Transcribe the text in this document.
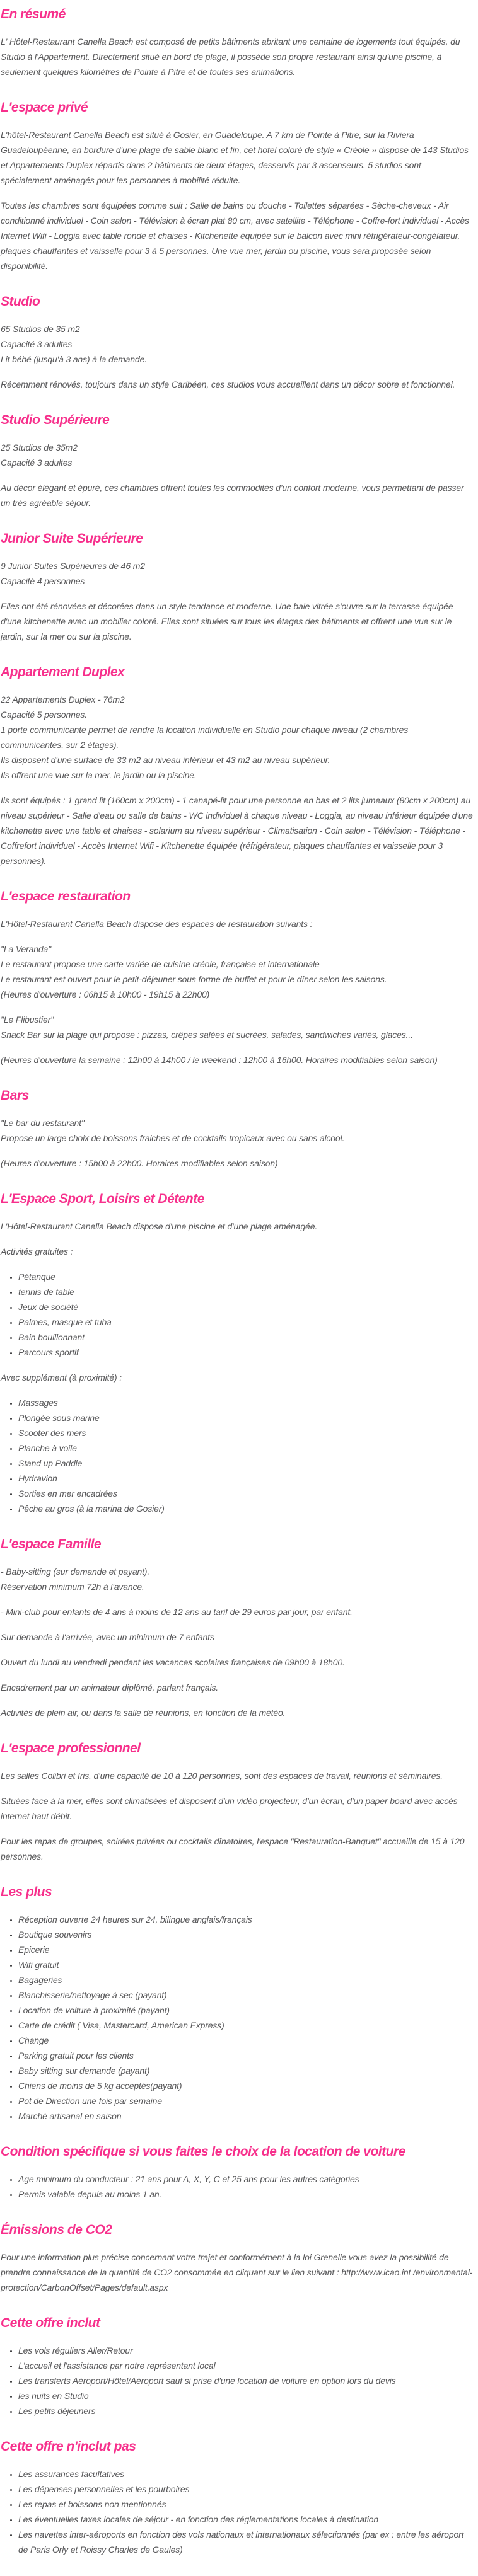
En résumé

L' Hôtel-Restaurant Canella Beach est composé de petits bâtiments abritant une centaine de logements tout équipés, du Studio à l'Appartement. Directement situé en bord de plage, il possède son propre restaurant ainsi qu'une piscine, à seulement quelques kilomètres de Pointe à Pitre et de toutes ses animations.

L'espace privé

L'hôtel-Restaurant Canella Beach est situé à Gosier, en Guadeloupe. A 7 km de Pointe à Pitre, sur la Riviera Guadeloupéenne, en bordure d'une plage de sable blanc et fin, cet hotel coloré de style « Créole » dispose de 143 Studios et Appartements Duplex répartis dans 2 bâtiments de deux étages, desservis par 3 ascenseurs. 5 studios sont spécialement aménagés pour les personnes à mobilité réduite.

Toutes les chambres sont équipées comme suit : Salle de bains ou douche - Toilettes séparées - Sèche-cheveux - Air conditionné individuel - Coin salon - Télévision à écran plat 80 cm, avec satellite - Téléphone - Coffre-fort individuel - Accès Internet Wifi - Loggia avec table ronde et chaises - Kitchenette équipée sur le balcon avec mini réfrigérateur-congélateur, plaques chauffantes et vaisselle pour 3 à 5 personnes. Une vue mer, jardin ou piscine, vous sera proposée selon disponibilité.

Studio

65 Studios de 35 m2
Capacité 3 adultes
Lit bébé (jusqu'à 3 ans) à la demande.

Récemment rénovés, toujours dans un style Caribéen, ces studios vous accueillent dans un décor sobre et fonctionnel.

Studio Supérieure

25 Studios de 35m2
Capacité 3 adultes

Au décor élégant et épuré, ces chambres offrent toutes les commodités d'un confort moderne, vous permettant de passer un très agréable séjour.

Junior Suite Supérieure

9 Junior Suites Supérieures de 46 m2
Capacité 4 personnes

Elles ont été rénovées et décorées dans un style tendance et moderne. Une baie vitrée s'ouvre sur la terrasse équipée d'une kitchenette avec un mobilier coloré. Elles sont situées sur tous les étages des bâtiments et offrent une vue sur le jardin, sur la mer ou sur la piscine.

Appartement Duplex

22 Appartements Duplex - 76m2
Capacité 5 personnes.
1 porte communicante permet de rendre la location individuelle en Studio pour chaque niveau (2 chambres communicantes, sur 2 étages).
Ils disposent d'une surface de 33 m2 au niveau inférieur et 43 m2 au niveau supérieur.
Ils offrent une vue sur la mer, le jardin ou la piscine.

Ils sont équipés : 1 grand lit (160cm x 200cm) - 1 canapé-lit pour une personne en bas et 2 lits jumeaux (80cm x 200cm) au niveau supérieur - Salle d'eau ou salle de bains - WC individuel à chaque niveau - Loggia, au niveau inférieur équipée d'une kitchenette avec une table et chaises - solarium au niveau supérieur - Climatisation - Coin salon - Télévision - Téléphone - Coffrefort individuel - Accès Internet Wifi - Kitchenette équipée (réfrigérateur, plaques chauffantes et vaisselle pour 3 personnes).

L'espace restauration

L'Hôtel-Restaurant Canella Beach dispose des espaces de restauration suivants :

"La Veranda"
Le restaurant propose une carte variée de cuisine créole, française et internationale
Le restaurant est ouvert pour le petit-déjeuner sous forme de buffet et pour le dîner selon les saisons.
(Heures d'ouverture : 06h15 à 10h00 - 19h15 à 22h00)

"Le Flibustier"
Snack Bar sur la plage qui propose : pizzas, crêpes salées et sucrées, salades, sandwiches variés, glaces...

(Heures d'ouverture la semaine : 12h00 à 14h00 / le weekend : 12h00 à 16h00. Horaires modifiables selon saison)

Bars

"Le bar du restaurant"
Propose un large choix de boissons fraiches et de cocktails tropicaux avec ou sans alcool.

(Heures d'ouverture : 15h00 à 22h00. Horaires modifiables selon saison)

L'Espace Sport, Loisirs et Détente

L'Hôtel-Restaurant Canella Beach dispose d'une piscine et d'une plage aménagée.

Activités gratuites :

• Pétanque
• tennis de table
• Jeux de société
• Palmes, masque et tuba
• Bain bouillonnant
• Parcours sportif

Avec supplément (à proximité) :

• Massages
• Plongée sous marine
• Scooter des mers
• Planche à voile
• Stand up Paddle
• Hydravion
• Sorties en mer encadrées
• Pêche au gros (à la marina de Gosier)
L'espace Famille

- Baby-sitting (sur demande et payant).
Réservation minimum 72h à l'avance.

- Mini-club pour enfants de 4 ans à moins de 12 ans au tarif de 29 euros par jour, par enfant.

Sur demande à l'arrivée, avec un minimum de 7 enfants

Ouvert du lundi au vendredi pendant les vacances scolaires françaises de 09h00 à 18h00.

Encadrement par un animateur diplômé, parlant français.

Activités de plein air, ou dans la salle de réunions, en fonction de la météo.

L'espace professionnel

Les salles Colibri et Iris, d'une capacité de 10 à 120 personnes, sont des espaces de travail, réunions et séminaires.

Situées face à la mer, elles sont climatisées et disposent d'un vidéo projecteur, d'un écran, d'un paper board avec accès internet haut débit.

Pour les repas de groupes, soirées privées ou cocktails dînatoires, l'espace "Restauration-Banquet" accueille de 15 à 120 personnes.

Les plus
• Réception ouverte 24 heures sur 24, bilingue anglais/français
• Boutique souvenirs
• Epicerie
• Wifi gratuit
• Bagageries
• Blanchisserie/nettoyage à sec (payant)
• Location de voiture à proximité (payant)
• Carte de crédit ( Visa, Mastercard, American Express)
• Change
• Parking gratuit pour les clients
• Baby sitting sur demande (payant)
• Chiens de moins de 5 kg acceptés(payant)
• Pot de Direction une fois par semaine
• Marché artisanal en saison
Condition spécifique si vous faites le choix de la location de voiture
• Age minimum du conducteur : 21 ans pour A, X, Y, C et 25 ans pour les autres catégories
• Permis valable depuis au moins 1 an.
Émissions de CO2

Pour une information plus précise concernant votre trajet et conformément à la loi Grenelle vous avez la possibilité de prendre connaissance de la quantité de CO2 consommée en cliquant sur le lien suivant : http://www.icao.int /environmental-protection/CarbonOffset/Pages/default.aspx

Cette offre inclut
• Les vols réguliers Aller/Retour
• L'accueil et l'assistance par notre représentant local
• Les transferts Aéroport/Hôtel/Aéroport sauf si prise d'une location de voiture en option lors du devis
• les nuits en Studio
• Les petits déjeuners
Cette offre n'inclut pas
• Les assurances facultatives
• Les dépenses personnelles et les pourboires
• Les repas et boissons non mentionnés
• Les éventuelles taxes locales de séjour - en fonction des réglementations locales à destination
• Les navettes inter-aéroports en fonction des vols nationaux et internationaux sélectionnés (par ex : entre les aéroport de Paris Orly et Roissy Charles de Gaules)
